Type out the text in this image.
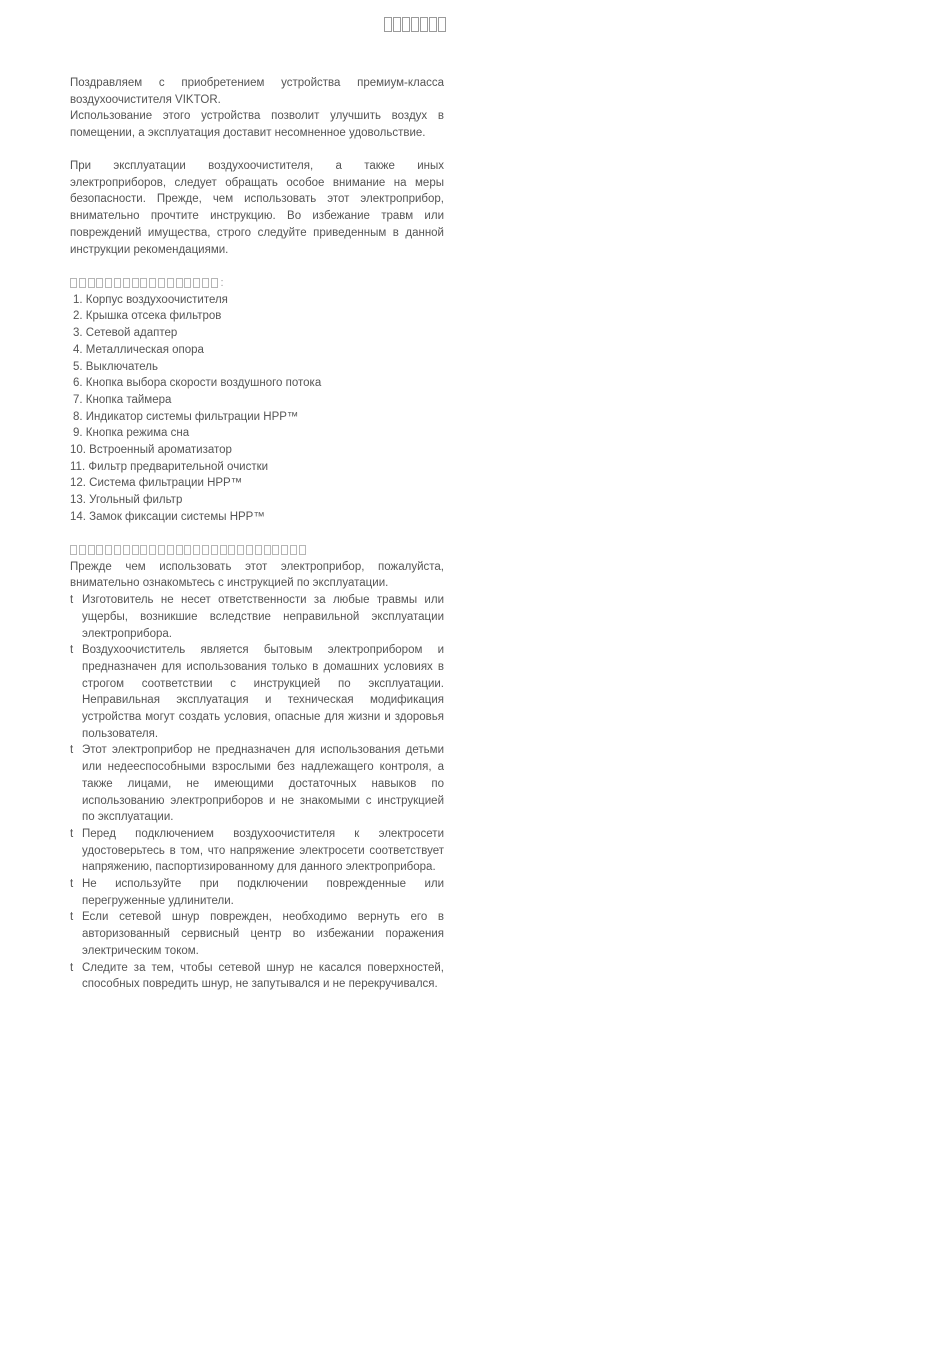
Поздравляем с приобретением устройства премиум-класса воздухоочистителя VIKTOR.

Использование этого устройства позволит улучшить воздух в помещении, а эксплуатация доставит несомненное удовольствие.

При эксплуатации воздухоочистителя, а также иных электроприборов, следует обращать особое внимание на меры безопасности. Прежде, чем использовать этот электроприбор, внимательно прочтите инструкцию. Во избежание травм или повреждений имущества, строго следуйте приведенным в данной инструкции рекомендациями.

:
1. Корпус воздухоочистителя
2. Крышка отсека фильтров
3. Сетевой адаптер
4. Металлическая опора
5. Выключатель
6. Кнопка выбора скорости воздушного потока
7. Кнопка таймера
8. Индикатор системы фильтрации HPP™
9. Кнопка режима сна
10. Встроенный ароматизатор
11. Фильтр предварительной очистки
12. Система фильтрации HPP™
13. Угольный фильтр
14. Замок фиксации системы HPP™

Прежде чем использовать этот электроприбор, пожалуйста, внимательно ознакомьтесь с инструкцией по эксплуатации.

t Изготовитель не несет ответственности за любые травмы или ущербы, возникшие вследствие неправильной эксплуатации электроприбора.
t Воздухоочиститель является бытовым электроприбором и предназначен для использования только в домашних условиях в строгом соответствии с инструкцией по эксплуатации. Неправильная эксплуатация и техническая модификация устройства могут создать условия, опасные для жизни и здоровья пользователя.
t Этот электроприбор не предназначен для использования детьми или недееспособными взрослыми без надлежащего контроля, а также лицами, не имеющими достаточных навыков по использованию электроприборов и не знакомыми с инструкцией по эксплуатации.
t Перед подключением воздухоочистителя к электросети удостоверьтесь в том, что напряжение электросети соответствует напряжению, паспортизированному для данного электроприбора.
t Не используйте при подключении поврежденные или перегруженные удлинители.
t Если сетевой шнур поврежден, необходимо вернуть его в авторизованный сервисный центр во избежании поражения электрическим током.
t Следите за тем, чтобы сетевой шнур не касался поверхностей, способных повредить шнур, не запутывался и не перекручивался.
